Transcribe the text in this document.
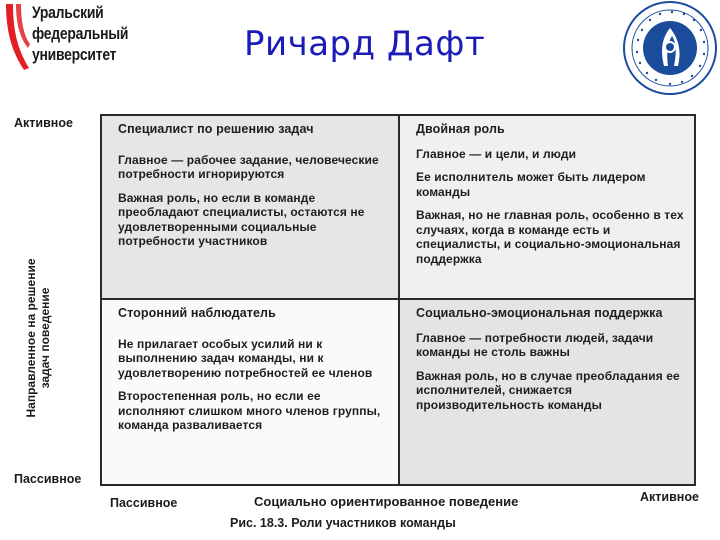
Уральский
федеральный
университет	Ричард Дафт
Активное
Направленное на решение задач поведение
Пассивное
Специалист по решению задач

Главное — рабочее задание, человеческие потребности игнорируются

Важная роль, но если в команде преобладают специалисты, остаются не удовлетворенными социальные потребности участников

Двойная роль

Главное — и цели, и люди

Ее исполнитель может быть лидером команды

Важная, но не главная роль, особенно в тех случаях, когда в команде есть и специалисты, и социально-эмоциональная поддержка

Сторонний наблюдатель

Не прилагает особых усилий ни к выполнению задач команды, ни к удовлетворению потребностей ее членов

Второстепенная роль, но если ее исполняют слишком много членов группы, команда разваливается

Социально-эмоциональная поддержка

Главное — потребности людей, задачи команды не столь важны

Важная роль, но в случае преобладания ее исполнителей, снижается производительность команды

Пассивное	Социально ориентированное поведение	Активное
Рис. 18.3. Роли участников команды
